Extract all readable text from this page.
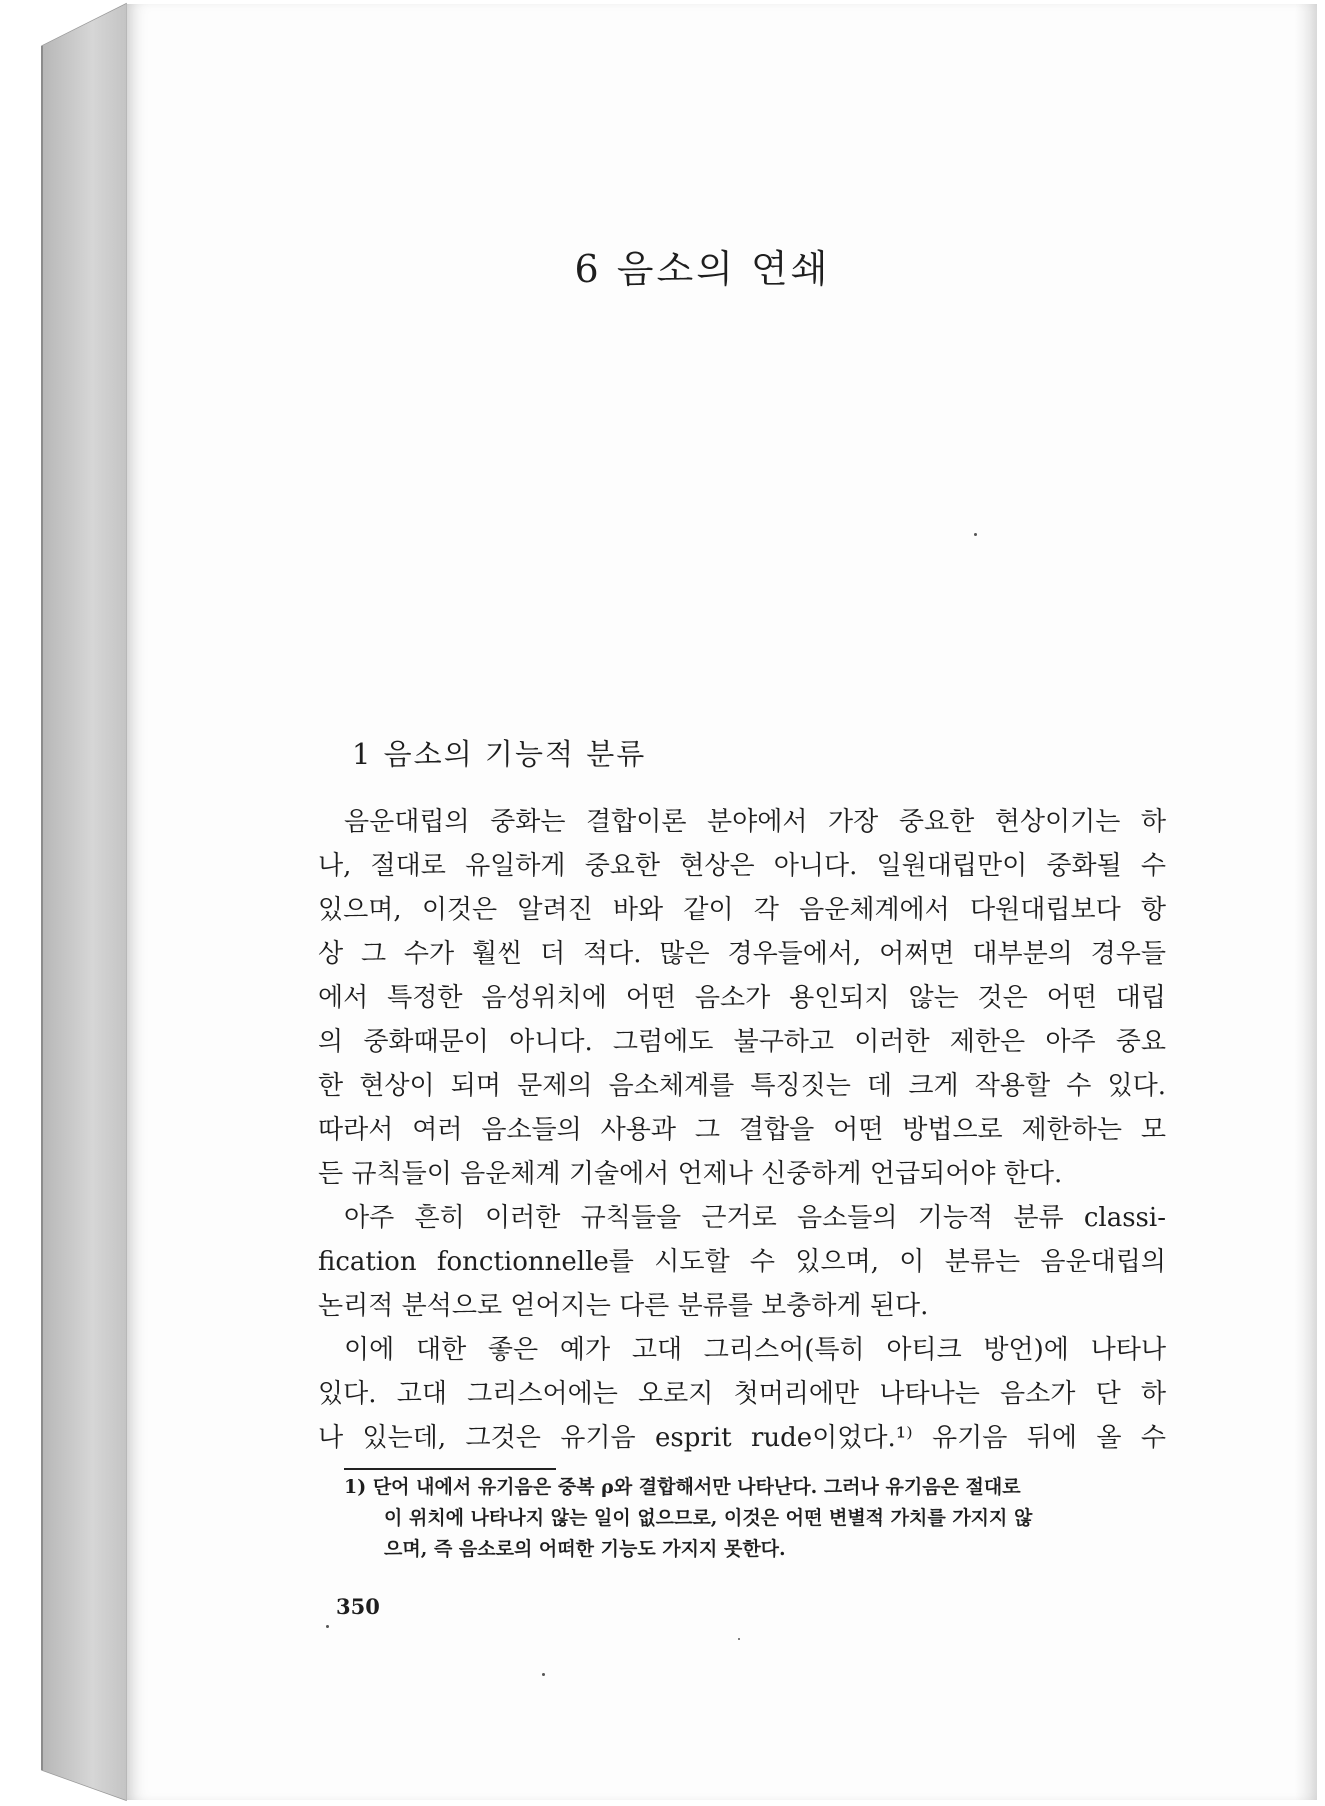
6 음소의 연쇄
1 음소의 기능적 분류
음운대립의 중화는 결합이론 분야에서 가장 중요한 현상이기는 하
나, 절대로 유일하게 중요한 현상은 아니다. 일원대립만이 중화될 수
있으며, 이것은 알려진 바와 같이 각 음운체계에서 다원대립보다 항
상 그 수가 훨씬 더 적다. 많은 경우들에서, 어쩌면 대부분의 경우들
에서 특정한 음성위치에 어떤 음소가 용인되지 않는 것은 어떤 대립
의 중화때문이 아니다. 그럼에도 불구하고 이러한 제한은 아주 중요
한 현상이 되며 문제의 음소체계를 특징짓는 데 크게 작용할 수 있다.
따라서 여러 음소들의 사용과 그 결합을 어떤 방법으로 제한하는 모
든 규칙들이 음운체계 기술에서 언제나 신중하게 언급되어야 한다.
아주 흔히 이러한 규칙들을 근거로 음소들의 기능적 분류 classi-
fication fonctionnelle를 시도할 수 있으며, 이 분류는 음운대립의
논리적 분석으로 얻어지는 다른 분류를 보충하게 된다.
이에 대한 좋은 예가 고대 그리스어(특히 아티크 방언)에 나타나
있다. 고대 그리스어에는 오로지 첫머리에만 나타나는 음소가 단 하
나 있는데, 그것은 유기음 esprit rude이었다.¹⁾ 유기음 뒤에 올 수
1) 단어 내에서 유기음은 중복 ρ와 결합해서만 나타난다. 그러나 유기음은 절대로
이 위치에 나타나지 않는 일이 없으므로, 이것은 어떤 변별적 가치를 가지지 않
으며, 즉 음소로의 어떠한 기능도 가지지 못한다.
350
